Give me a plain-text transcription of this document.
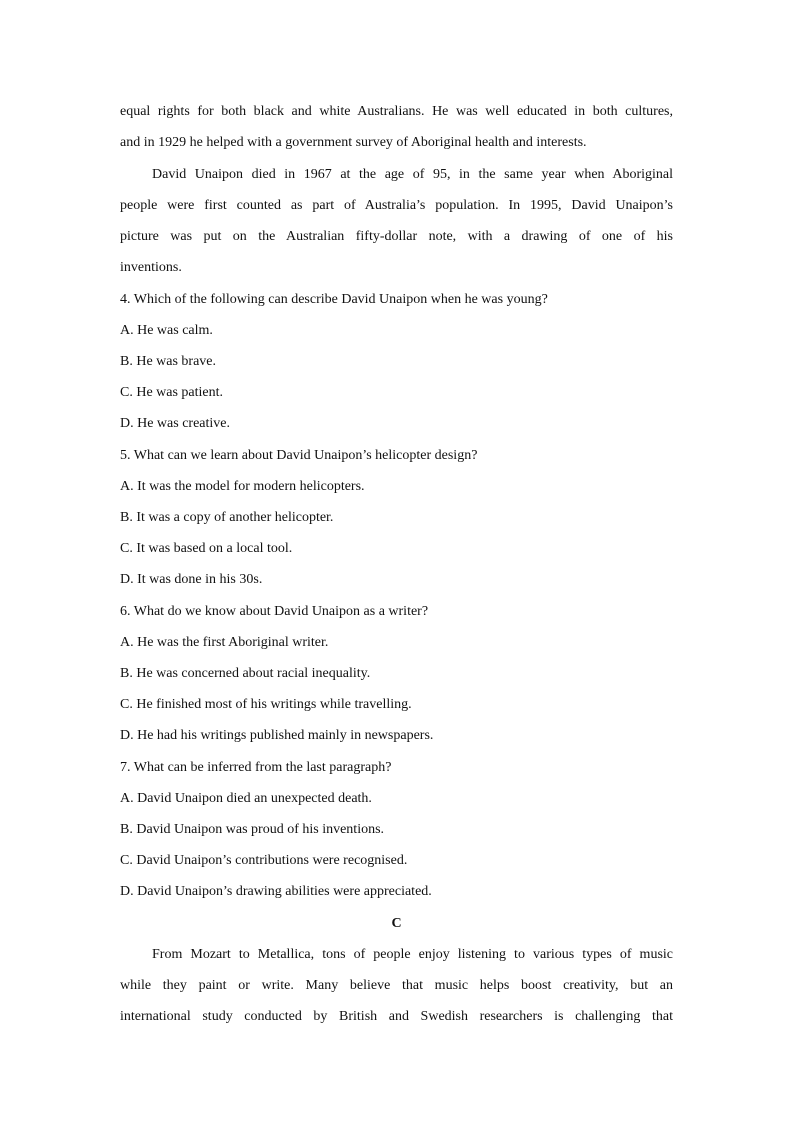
equal rights for both black and white Australians. He was well educated in both cultures,
and in 1929 he helped with a government survey of Aboriginal health and interests.
David Unaipon died in 1967 at the age of 95, in the same year when Aboriginal
people were first counted as part of Australia’s population. In 1995, David Unaipon’s
picture was put on the Australian fifty-dollar note, with a drawing of one of his
inventions.
4. Which of the following can describe David Unaipon when he was young?
A. He was calm.
B. He was brave.
C. He was patient.
D. He was creative.
5. What can we learn about David Unaipon’s helicopter design?
A. It was the model for modern helicopters.
B. It was a copy of another helicopter.
C. It was based on a local tool.
D. It was done in his 30s.
6. What do we know about David Unaipon as a writer?
A. He was the first Aboriginal writer.
B. He was concerned about racial inequality.
C. He finished most of his writings while travelling.
D. He had his writings published mainly in newspapers.
7. What can be inferred from the last paragraph?
A. David Unaipon died an unexpected death.
B. David Unaipon was proud of his inventions.
C. David Unaipon’s contributions were recognised.
D. David Unaipon’s drawing abilities were appreciated.
C
From Mozart to Metallica, tons of people enjoy listening to various types of music
while they paint or write. Many believe that music helps boost creativity, but an
international study conducted by British and Swedish researchers is challenging that
